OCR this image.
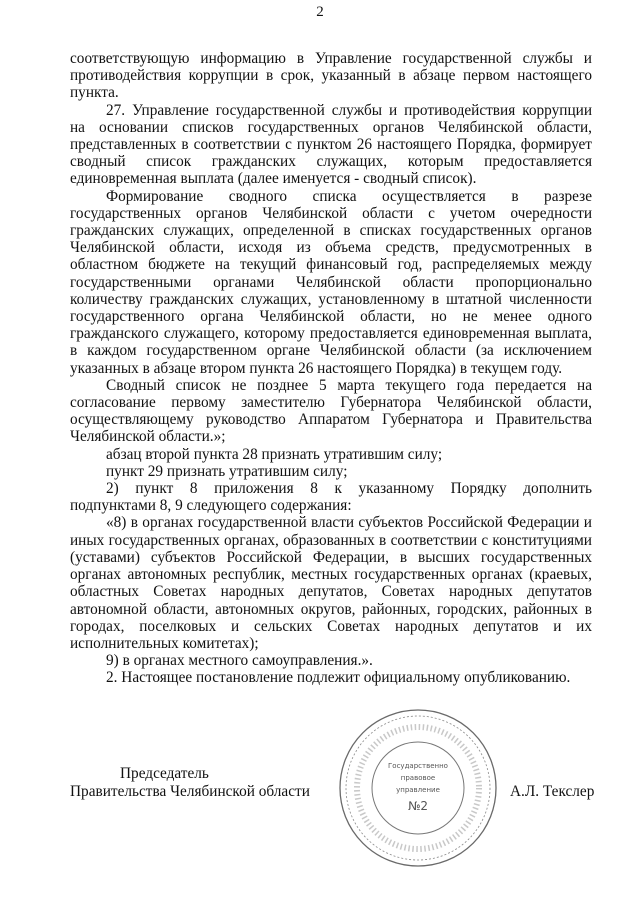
2
соответствующую информацию в Управление государственной службы и
противодействия коррупции в срок, указанный в абзаце первом настоящего
пункта.
27. Управление государственной службы и противодействия коррупции
на основании списков государственных органов Челябинской области,
представленных в соответствии с пунктом 26 настоящего Порядка, формирует
сводный список гражданских служащих, которым предоставляется
единовременная выплата (далее именуется - сводный список).
Формирование сводного списка осуществляется в разрезе
государственных органов Челябинской области с учетом очередности
гражданских служащих, определенной в списках государственных органов
Челябинской области, исходя из объема средств, предусмотренных в
областном бюджете на текущий финансовый год, распределяемых между
государственными органами Челябинской области пропорционально
количеству гражданских служащих, установленному в штатной численности
государственного органа Челябинской области, но не менее одного
гражданского служащего, которому предоставляется единовременная выплата,
в каждом государственном органе Челябинской области (за исключением
указанных в абзаце втором пункта 26 настоящего Порядка) в текущем году.
Сводный список не позднее 5 марта текущего года передается на
согласование первому заместителю Губернатора Челябинской области,
осуществляющему руководство Аппаратом Губернатора и Правительства
Челябинской области.»;
абзац второй пункта 28 признать утратившим силу;
пункт 29 признать утратившим силу;
2) пункт 8 приложения 8 к указанному Порядку дополнить
подпунктами 8, 9 следующего содержания:
«8) в органах государственной власти субъектов Российской Федерации и
иных государственных органах, образованных в соответствии с конституциями
(уставами) субъектов Российской Федерации, в высших государственных
органах автономных республик, местных государственных органах (краевых,
областных Советах народных депутатов, Советах народных депутатов
автономной области, автономных округов, районных, городских, районных в
городах, поселковых и сельских Советах народных депутатов и их
исполнительных комитетах);
9) в органах местного самоуправления.».
2. Настоящее постановление подлежит официальному опубликованию.
Председатель
Правительства Челябинской области	А.Л. Текслер
Государственно
правовое
управление
№2
